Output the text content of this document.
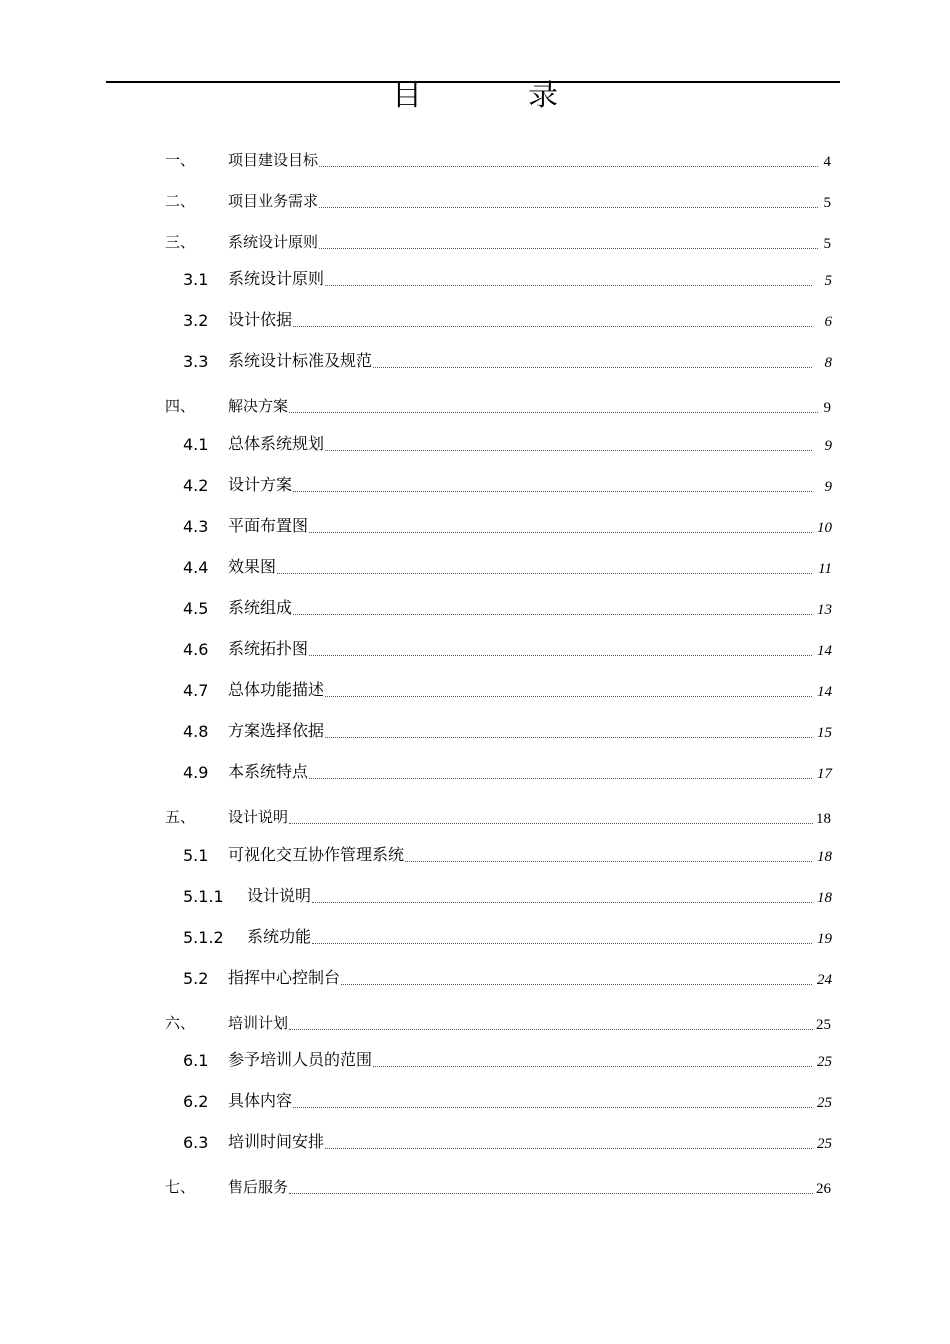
目　录
一、 项目建设目标	4
二、 项目业务需求	5
三、 系统设计原则	5
3.1 系统设计原则	5
3.2 设计依据	6
3.3 系统设计标准及规范	8
四、 解决方案	9
4.1 总体系统规划	9
4.2 设计方案	9
4.3 平面布置图	10
4.4 效果图	11
4.5 系统组成	13
4.6 系统拓扑图	14
4.7 总体功能描述	14
4.8 方案选择依据	15
4.9 本系统特点	17
五、 设计说明	18
5.1 可视化交互协作管理系统	18
5.1.1 设计说明	18
5.1.2 系统功能	19
5.2 指挥中心控制台	24
六、 培训计划	25
6.1 参予培训人员的范围	25
6.2 具体内容	25
6.3 培训时间安排	25
七、 售后服务	26
